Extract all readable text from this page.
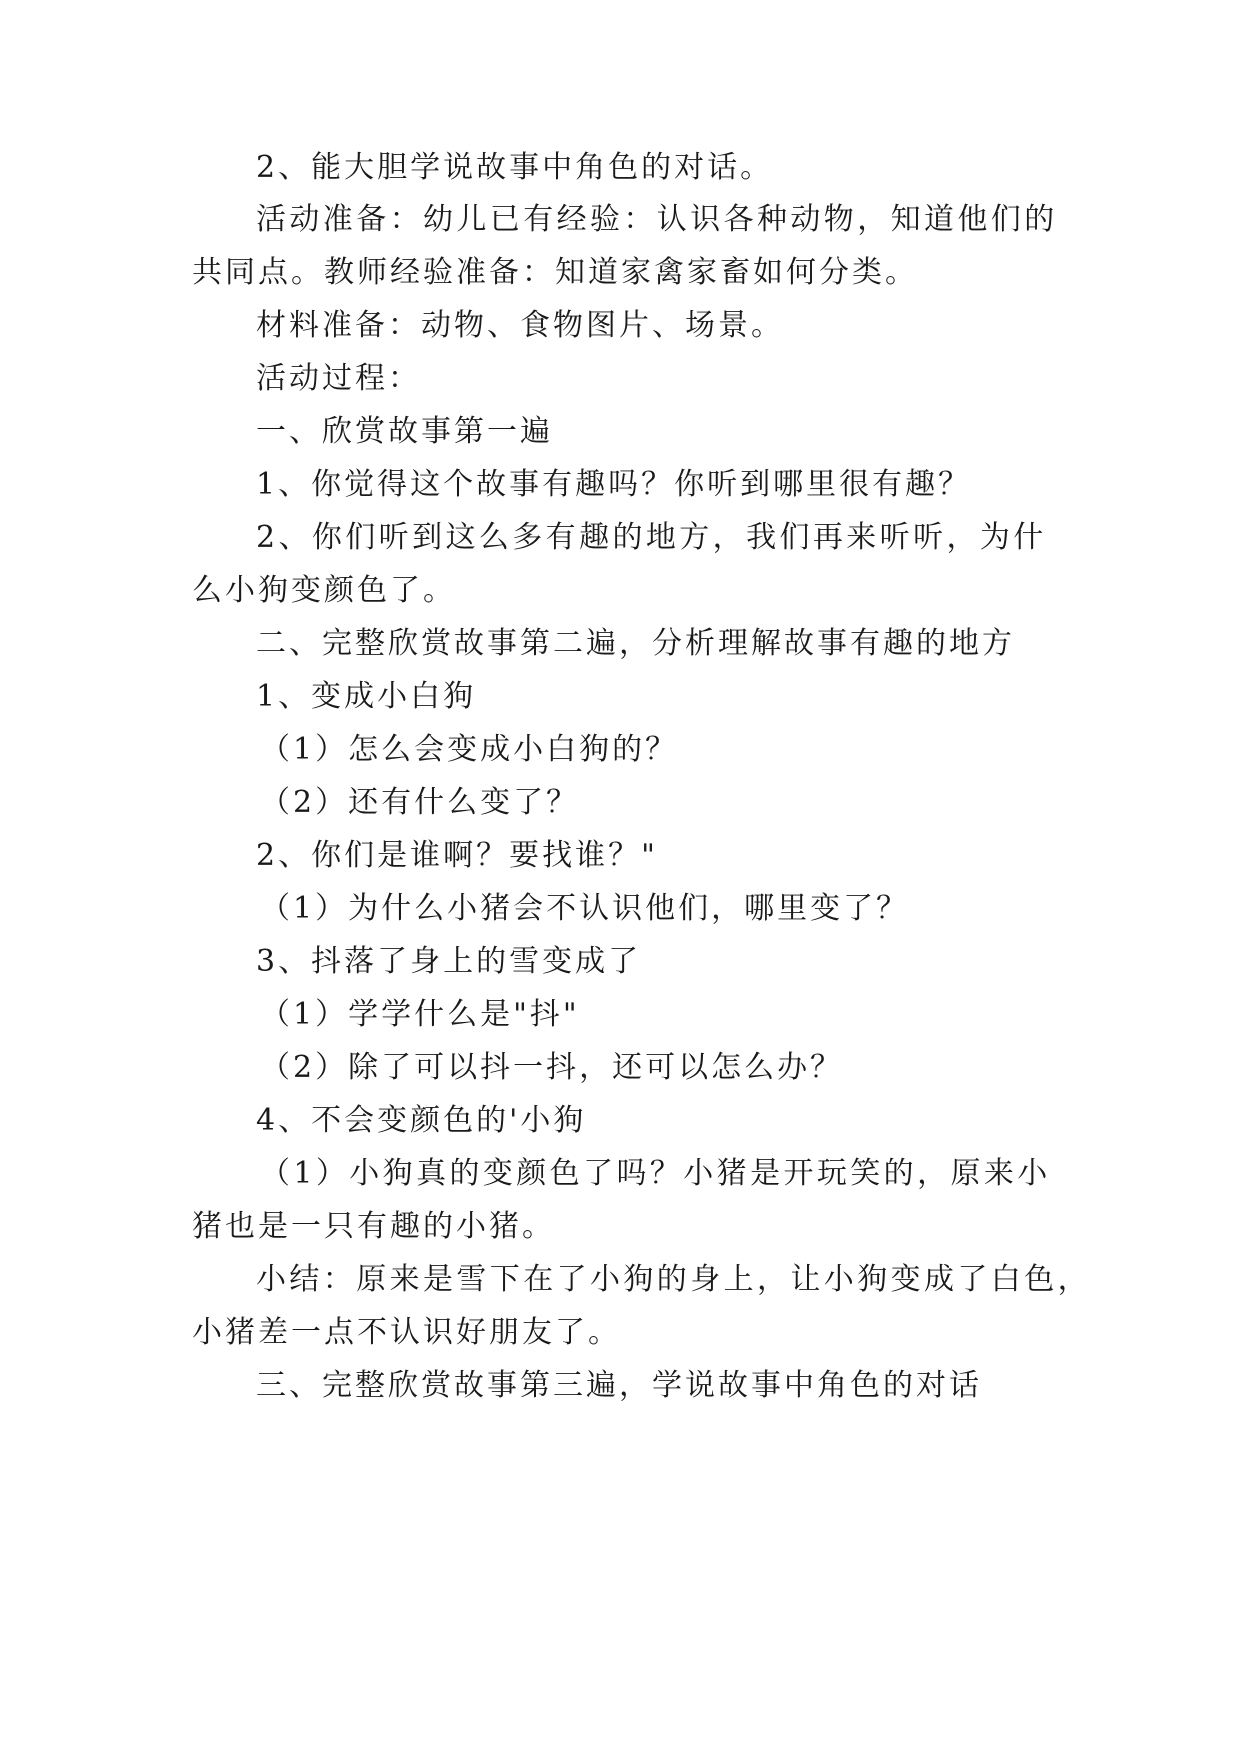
2、能大胆学说故事中角色的对话。
活动准备：幼儿已有经验：认识各种动物，知道他们的
共同点。教师经验准备：知道家禽家畜如何分类。
材料准备：动物、食物图片、场景。
活动过程：
一、欣赏故事第一遍
1、你觉得这个故事有趣吗？你听到哪里很有趣？
2、你们听到这么多有趣的地方，我们再来听听，为什
么小狗变颜色了。
二、完整欣赏故事第二遍，分析理解故事有趣的地方
1、变成小白狗
（1）怎么会变成小白狗的？
（2）还有什么变了？
2、你们是谁啊？要找谁？"
（1）为什么小猪会不认识他们，哪里变了？
3、抖落了身上的雪变成了
（1）学学什么是"抖"
（2）除了可以抖一抖，还可以怎么办？
4、不会变颜色的'小狗
（1）小狗真的变颜色了吗？小猪是开玩笑的，原来小
猪也是一只有趣的小猪。
小结：原来是雪下在了小狗的身上，让小狗变成了白色，
小猪差一点不认识好朋友了。
三、完整欣赏故事第三遍，学说故事中角色的对话
